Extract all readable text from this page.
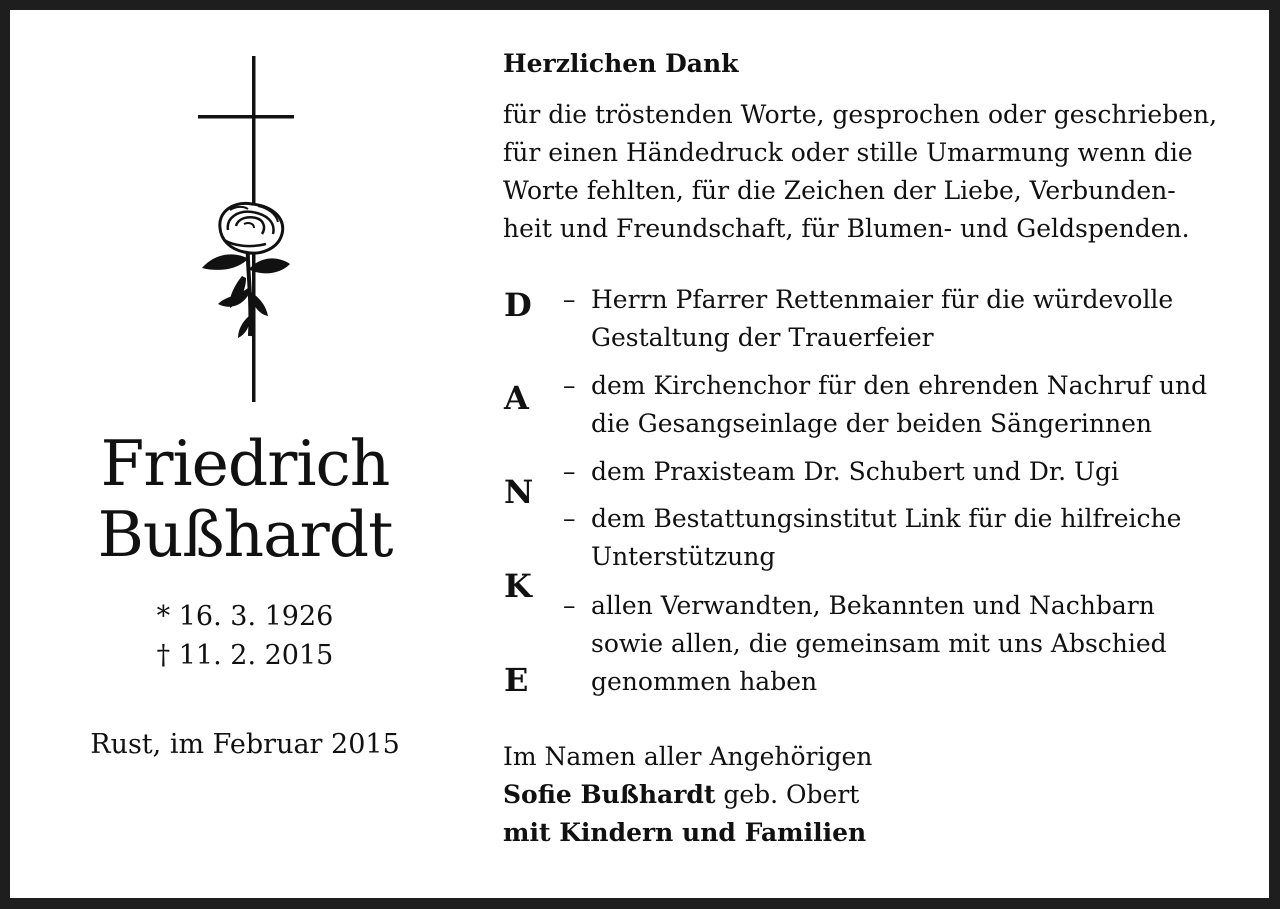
Friedrich
Bußhardt
* 16. 3. 1926
† 11. 2. 2015
Rust, im Februar 2015
Herzlichen Dank
für die tröstenden Worte, gesprochen oder geschrieben,
für einen Händedruck oder stille Umarmung wenn die
Worte fehlten, für die Zeichen der Liebe, Verbunden-
heit und Freundschaft, für Blumen- und Geldspenden.
D
A
N
K
E
– Herrn Pfarrer Rettenmaier für die würdevolle
Gestaltung der Trauerfeier
– dem Kirchenchor für den ehrenden Nachruf und
die Gesangseinlage der beiden Sängerinnen
– dem Praxisteam Dr. Schubert und Dr. Ugi
– dem Bestattungsinstitut Link für die hilfreiche
Unterstützung
– allen Verwandten, Bekannten und Nachbarn
sowie allen, die gemeinsam mit uns Abschied
genommen haben
Im Namen aller Angehörigen
Sofie Bußhardt geb. Obert
mit Kindern und Familien
